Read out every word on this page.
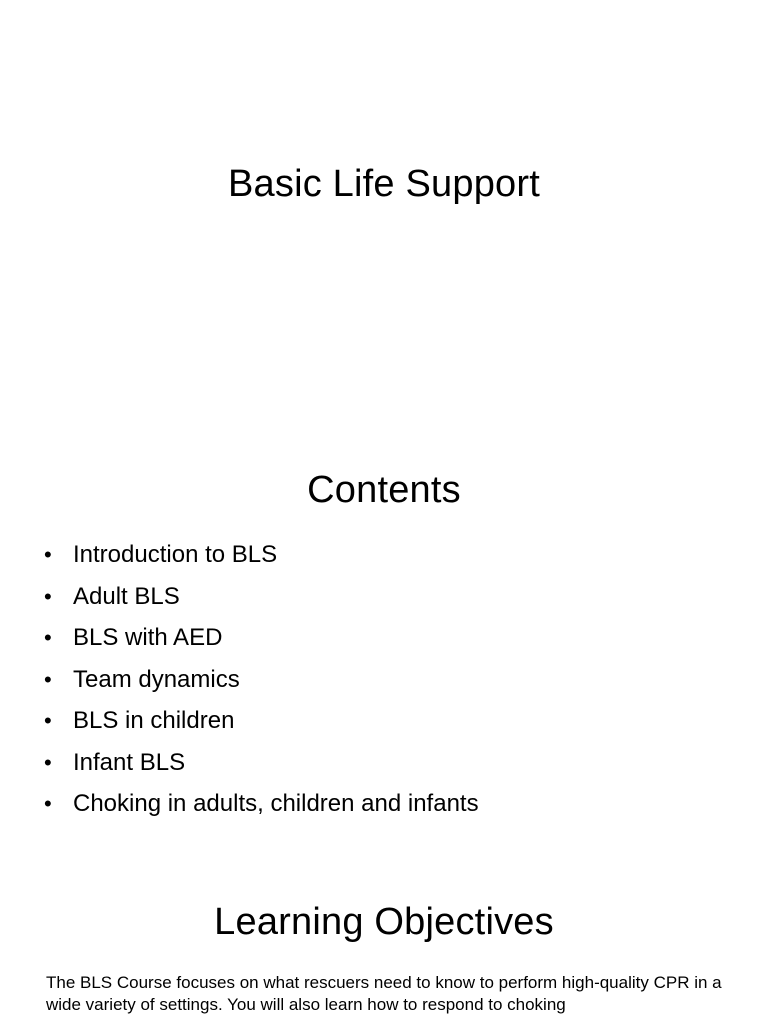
Basic Life Support
Contents
• Introduction to BLS
• Adult BLS
• BLS with AED
• Team dynamics
• BLS in children
• Infant BLS
• Choking in adults, children and infants
Learning Objectives

The BLS Course focuses on what rescuers need to know to perform high-quality CPR in a wide variety of settings. You will also learn how to respond to choking
